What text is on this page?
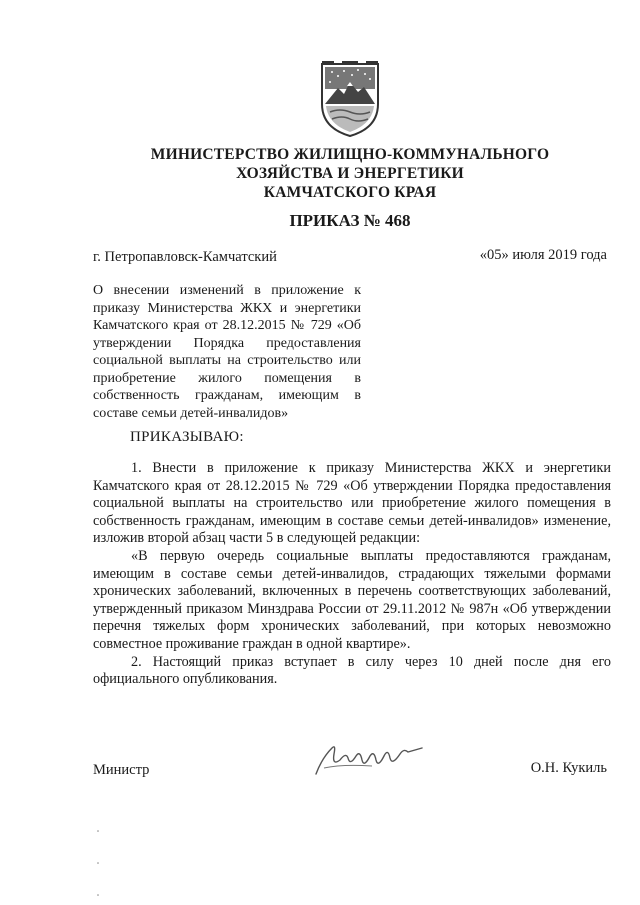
МИНИСТЕРСТВО ЖИЛИЩНО-КОММУНАЛЬНОГО
ХОЗЯЙСТВА И ЭНЕРГЕТИКИ
КАМЧАТСКОГО КРАЯ
ПРИКАЗ № 468
г. Петропавловск-Камчатский	«05» июля 2019 года
О внесении изменений в приложение к приказу Министерства ЖКХ и энергетики Камчатского края от 28.12.2015 № 729 «Об утверждении Порядка предоставления социальной выплаты на строительство или приобретение жилого помещения в собственность гражданам, имеющим в составе семьи детей-инвалидов»
ПРИКАЗЫВАЮ:

1. Внести в приложение к приказу Министерства ЖКХ и энергетики Камчатского края от 28.12.2015 № 729 «Об утверждении Порядка предоставления социальной выплаты на строительство или приобретение жилого помещения в собственность гражданам, имеющим в составе семьи детей-инвалидов» изменение, изложив второй абзац части 5 в следующей редакции:

«В первую очередь социальные выплаты предоставляются гражданам, имеющим в составе семьи детей-инвалидов, страдающих тяжелыми формами хронических заболеваний, включенных в перечень соответствующих заболеваний, утвержденный приказом Минздрава России от 29.11.2012 № 987н «Об утверждении перечня тяжелых форм хронических заболеваний, при которых невозможно совместное проживание граждан в одной квартире».

2. Настоящий приказ вступает в силу через 10 дней после дня его официального опубликования.

Министр	О.Н. Кукиль
